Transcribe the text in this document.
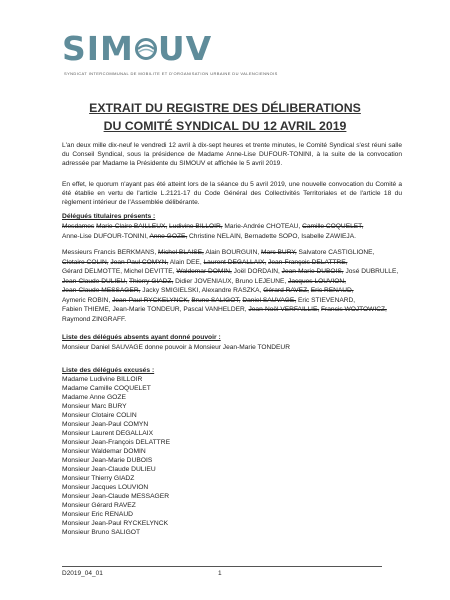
SIM UV
SYNDICAT INTERCOMMUNAL DE MOBILITE ET D'ORGANISATION URBAINE DU VALENCIENNOIS
EXTRAIT DU REGISTRE DES DÉLIBERATIONS
DU COMITÉ SYNDICAL DU 12 AVRIL 2019
L'an deux mille dix-neuf le vendredi 12 avril à dix-sept heures et trente minutes, le Comité Syndical s'est réuni salle du Conseil Syndical, sous la présidence de Madame Anne-Lise DUFOUR-TONINI, à la suite de la convocation adressée par Madame la Présidente du SIMOUV et affichée le 5 avril 2019.
En effet, le quorum n'ayant pas été atteint lors de la séance du 5 avril 2019, une nouvelle convocation du Comité a été établie en vertu de l'article L.2121-17 du Code Général des Collectivités Territoriales et de l'article 18 du règlement intérieur de l'Assemblée délibérante.
Délégués titulaires présents :
Mesdames Marie-Claire BAILLEUX, Ludivine BILLOIR, Marie-Andrée CHOTEAU, Camille COQUELET, Anne-Lise DUFOUR-TONINI, Anne GOZE, Christine NELAIN, Bernadette SOPO, Isabelle ZAWIEJA.
Messieurs Francis BERKMANS, Michel BLAISE, Alain BOURGUIN, Marc BURY, Salvatore CASTIGLIONE, Clotaire COLIN, Jean-Paul COMYN, Alain DEE, Laurent DEGALLAIX, Jean-François DELATTRE, Gérard DELMOTTE, Michel DEVITTE, Waldemar DOMIN, Joël DORDAIN, Jean-Marie DUBOIS, José DUBRULLE, Jean-Claude DULIEU, Thierry GIADZ, Didier JOVENIAUX, Bruno LEJEUNE, Jacques LOUVION, Jean-Claude MESSAGER, Jacky SMIGIELSKI, Alexandre RASZKA, Gérard RAVEZ, Eric RENAUD, Aymeric ROBIN, Jean-Paul RYCKELYNCK, Bruno SALIGOT, Daniel SAUVAGE, Eric STIEVENARD, Fabien THIEME, Jean-Marie TONDEUR, Pascal VANHELDER, Jean-Noël VERFAILLIE, Francis WOJTOWICZ, Raymond ZINGRAFF.
Liste des délégués absents ayant donné pouvoir :
Monsieur Daniel SAUVAGE donne pouvoir à Monsieur Jean-Marie TONDEUR
Liste des délégués excusés :
Madame Ludivine BILLOIR
Madame Camille COQUELET
Madame Anne GOZE
Monsieur Marc BURY
Monsieur Clotaire COLIN
Monsieur Jean-Paul COMYN
Monsieur Laurent DEGALLAIX
Monsieur Jean-François DELATTRE
Monsieur Waldemar DOMIN
Monsieur Jean-Marie DUBOIS
Monsieur Jean-Claude DULIEU
Monsieur Thierry GIADZ
Monsieur Jacques LOUVION
Monsieur Jean-Claude MESSAGER
Monsieur Gérard RAVEZ
Monsieur Eric RENAUD
Monsieur Jean-Paul RYCKELYNCK
Monsieur Bruno SALIGOT
D2019_04_01	1
